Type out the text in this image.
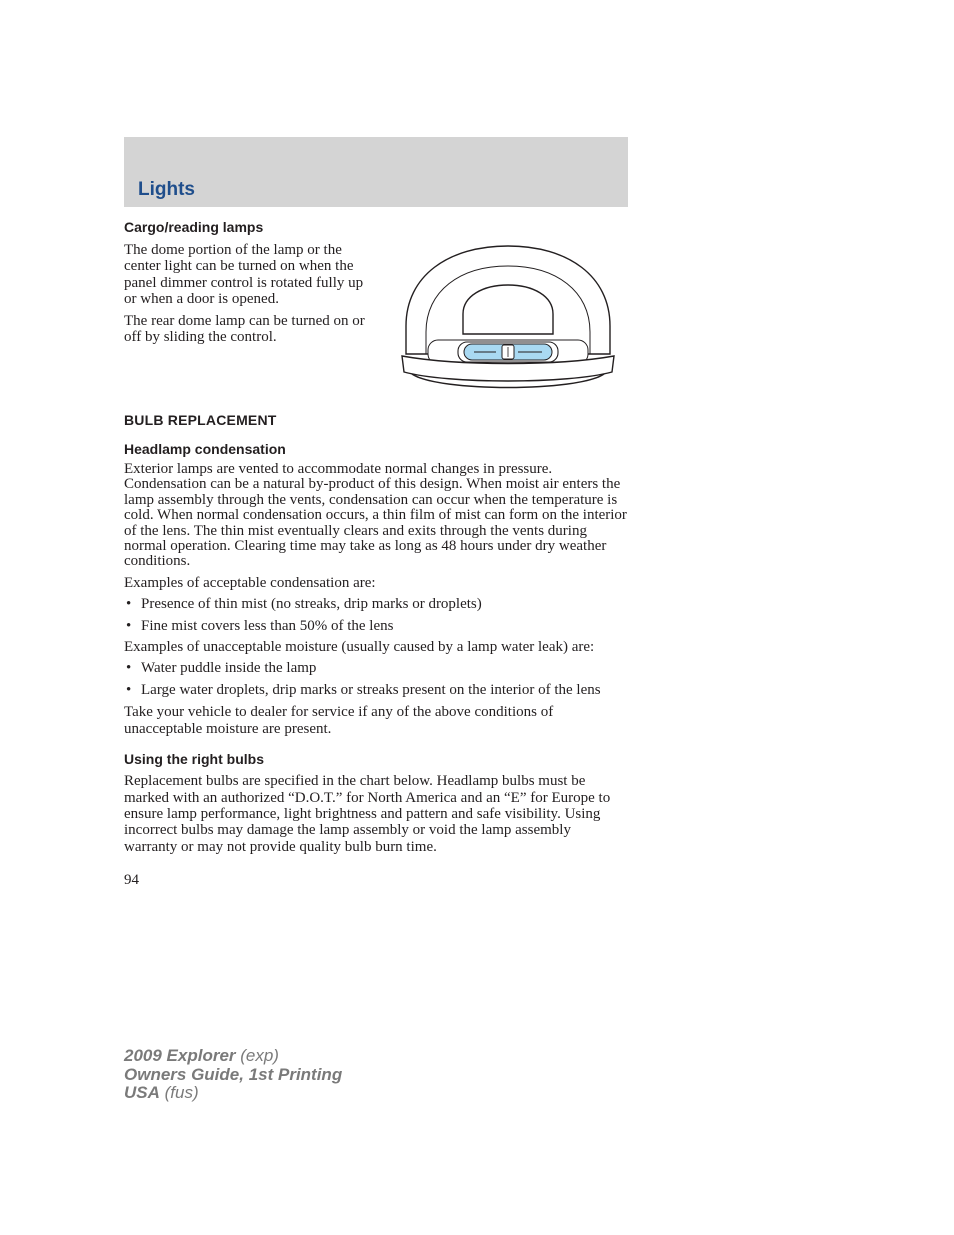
Lights
Cargo/reading lamps

The dome portion of the lamp or the center light can be turned on when the panel dimmer control is rotated fully up or when a door is opened.

The rear dome lamp can be turned on or off by sliding the control.

BULB REPLACEMENT
Headlamp condensation

Exterior lamps are vented to accommodate normal changes in pressure. Condensation can be a natural by-product of this design. When moist air enters the lamp assembly through the vents, condensation can occur when the temperature is cold. When normal condensation occurs, a thin film of mist can form on the interior of the lens. The thin mist eventually clears and exits through the vents during normal operation. Clearing time may take as long as 48 hours under dry weather conditions.

Examples of acceptable condensation are:

• Presence of thin mist (no streaks, drip marks or droplets)
• Fine mist covers less than 50% of the lens

Examples of unacceptable moisture (usually caused by a lamp water leak) are:

• Water puddle inside the lamp
• Large water droplets, drip marks or streaks present on the interior of the lens

Take your vehicle to dealer for service if any of the above conditions of unacceptable moisture are present.

Using the right bulbs

Replacement bulbs are specified in the chart below. Headlamp bulbs must be marked with an authorized “D.O.T.” for North America and an “E” for Europe to ensure lamp performance, light brightness and pattern and safe visibility. Using incorrect bulbs may damage the lamp assembly or void the lamp assembly warranty or may not provide quality bulb burn time.

94
2009 Explorer (exp)
Owners Guide, 1st Printing
USA (fus)
